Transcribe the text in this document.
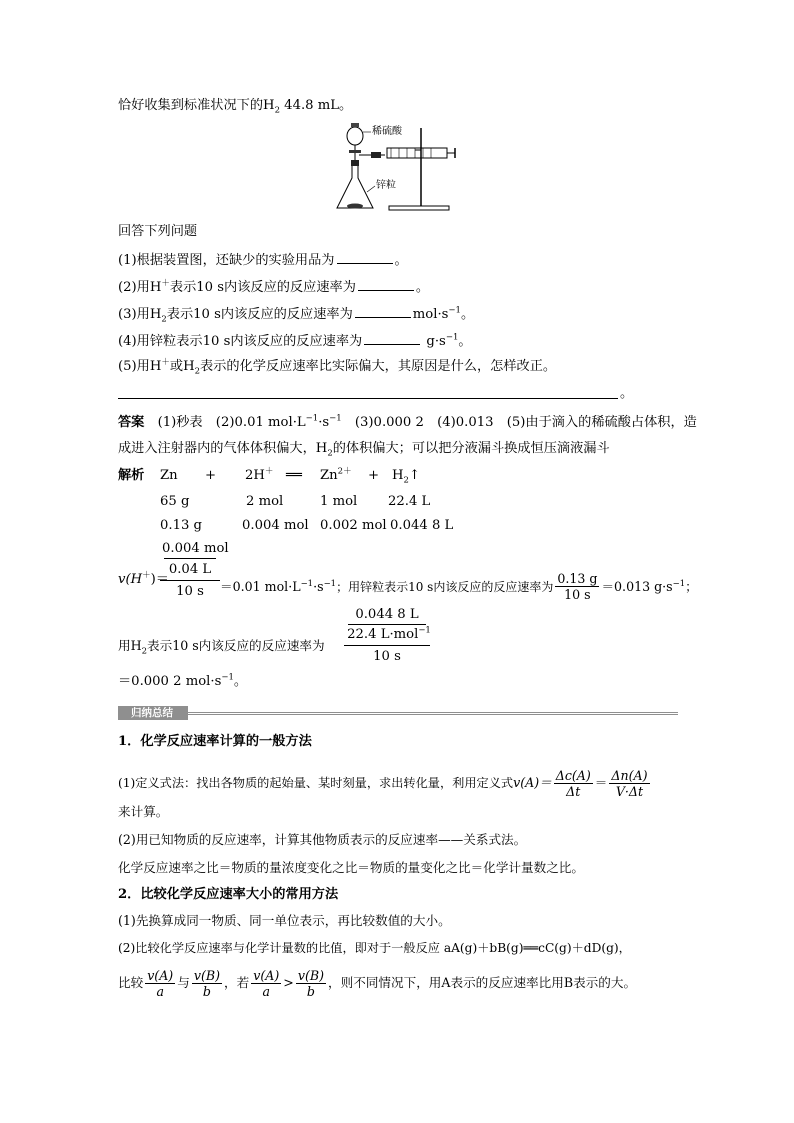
恰好收集到标准状况下的$H_2$ 44.8 mL。
稀硫酸
锌粒
回答下列问题
(1)根据装置图，还缺少的实验用品为	。
(2)用H＋表示10 s内该反应的反应速率为	。
(3)用$H_2$表示10 s内该反应的反应速率为	$mol\cdot s^{-1}$。
(4)用锌粒表示10 s内该反应的反应速率为	$g\cdot s^{-1}$。
(5)用H＋或$H_2$表示的化学反应速率比实际偏大，其原因是什么，怎样改正。
。
答案　 (1)秒表　(2)0.01 $mol\cdot L^{-1}\cdot s^{-1}$　(3)0.000 2　(4)0.013　(5)由于滴入的稀硫酸占体积，造
成进入注射器内的气体体积偏大，$H_2$的体积偏大；可以把分液漏斗换成恒压滴液漏斗
解析 Zn + 2H＋ ══ $Zn^{2+}$ + $H_2↑$
65 g	2 mol	1 mol 22.4 L
0.13 g	0.004 mol 0.002 mol 0.044 8 L
v(H＋)＝
0.004 mol
0.04 L
10 s	＝0.01 $mol\cdot L^{-1}\cdot s^{-1}$；用锌粒表示10 s内该反应的反应速率为 $\frac{0.13 g}{10 s} =0.013$ $g\cdot s^{-1}$；
用$H_2$表示10 s内该反应的反应速率为
0.044 8 L
22.4 L·mol$^{-1}$
10 s
＝0.000 2 $mol\cdot s^{-1}$。
归纳总结
1．化学反应速率计算的一般方法
(1)定义式法：找出各物质的起始量、某时刻量，求出转化量，利用定义式$v(A)= \frac{\Delta c(A)}{\Delta t} = \frac{\Delta n(A)}{V\cdot\Delta t}$
来计算。
(2)用已知物质的反应速率，计算其他物质表示的反应速率——关系式法。
化学反应速率之比＝物质的量浓度变化之比＝物质的量变化之比＝化学计量数之比。
2．比较化学反应速率大小的常用方法
(1)先换算成同一物质、同一单位表示，再比较数值的大小。
(2)比较化学反应速率与化学计量数的比值，即对于一般反应 aA(g)＋bB(g)══cC(g)＋dD(g)，
比较 $\frac{v(A)}{a}$ 与 $\frac{v(B)}{b}$ ，若 $\frac{v(A)}{a} > \frac{v(B)}{b}$ ，则不同情况下，用A表示的反应速率比用B表示的大。
